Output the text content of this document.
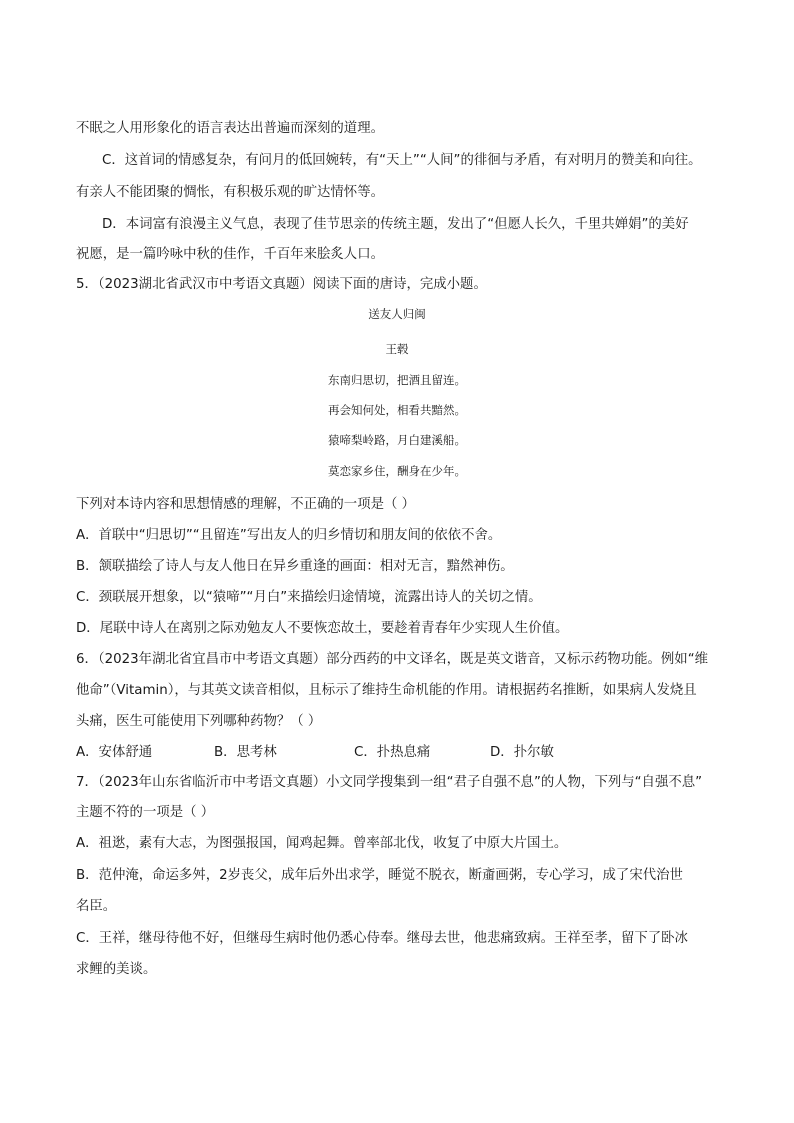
不眠之人用形象化的语言表达出普遍而深刻的道理。
C．这首词的情感复杂，有问月的低回婉转，有“天上”“人间”的徘徊与矛盾，有对明月的赞美和向往。
有亲人不能团聚的惆怅，有积极乐观的旷达情怀等。
D．本词富有浪漫主义气息，表现了佳节思亲的传统主题，发出了“但愿人长久，千里共婵娟”的美好
祝愿，是一篇吟咏中秋的佳作，千百年来脍炙人口。
5．（2023湖北省武汉市中考语文真题）阅读下面的唐诗，完成小题。
送友人归闽
王毂
东南归思切，把酒且留连。
再会知何处，相看共黯然。
猿啼梨岭路，月白建溪船。
莫恋家乡住，酬身在少年。
下列对本诗内容和思想情感的理解，不正确的一项是（ ）
A．首联中“归思切”“且留连”写出友人的归乡情切和朋友间的依依不舍。
B．颔联描绘了诗人与友人他日在异乡重逢的画面：相对无言，黯然神伤。
C．颈联展开想象，以“猿啼”“月白”来描绘归途情境，流露出诗人的关切之情。
D．尾联中诗人在离别之际劝勉友人不要恢恋故土，要趁着青春年少实现人生价值。
6．（2023年湖北省宜昌市中考语文真题）部分西药的中文译名，既是英文谐音，又标示药物功能。例如“维
他命”（Vitamin），与其英文读音相似，且标示了维持生命机能的作用。请根据药名推断，如果病人发烧且
头痛，医生可能使用下列哪种药物？（ ）
A．安体舒通	B．思考林	C．扑热息痛	D．扑尔敏
7．（2023年山东省临沂市中考语文真题）小文同学搜集到一组“君子自强不息”的人物，下列与“自强不息”
主题不符的一项是（ ）
A．祖逖，素有大志，为图强报国，闻鸡起舞。曾率部北伐，收复了中原大片国土。
B．范仲淹，命运多舛，2岁丧父，成年后外出求学，睡觉不脱衣，断齑画粥，专心学习，成了宋代治世
名臣。
C．王祥，继母待他不好，但继母生病时他仍悉心侍奉。继母去世，他悲痛致病。王祥至孝，留下了卧冰
求鲤的美谈。
